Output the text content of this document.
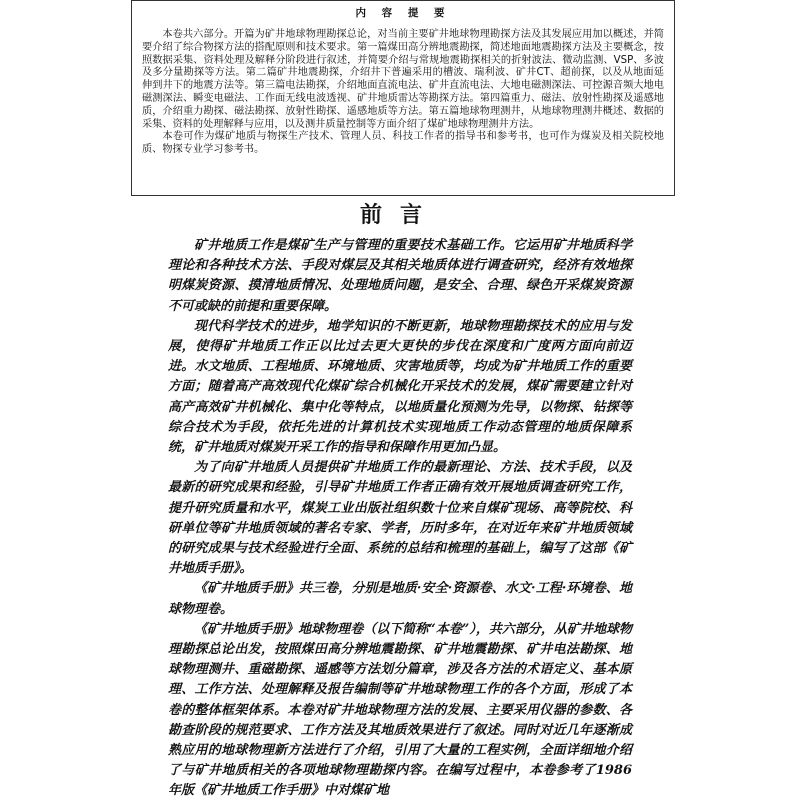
内 容 提 要

本卷共六部分。开篇为矿井地球物理勘探总论，对当前主要矿井地球物理勘探方法及其发展应用加以概述，并简要介绍了综合物探方法的搭配原则和技术要求。第一篇煤田高分辨地震勘探，简述地面地震勘探方法及主要概念，按照数据采集、资料处理及解释分阶段进行叙述，并简要介绍与常规地震勘探相关的折射波法、微动监测、VSP、多波及多分量勘探等方法。第二篇矿井地震勘探，介绍井下普遍采用的槽波、瑞利波、矿井CT、超前探，以及从地面延伸到井下的地震方法等。第三篇电法勘探，介绍地面直流电法、矿井直流电法、大地电磁测深法、可控源音频大地电磁测深法、瞬变电磁法、工作面无线电波透视、矿井地质雷达等勘探方法。第四篇重力、磁法、放射性勘探及遥感地质，介绍重力勘探、磁法勘探、放射性勘探、遥感地质等方法。第五篇地球物理测井，从地球物理测井概述、数据的采集、资料的处理解释与应用，以及测井质量控制等方面介绍了煤矿地球物理测井方法。

本卷可作为煤矿地质与物探生产技术、管理人员、科技工作者的指导书和参考书，也可作为煤炭及相关院校地质、物探专业学习参考书。

前言

矿井地质工作是煤矿生产与管理的重要技术基础工作。它运用矿井地质科学理论和各种技术方法、手段对煤层及其相关地质体进行调查研究，经济有效地探明煤炭资源、摸清地质情况、处理地质问题，是安全、合理、绿色开采煤炭资源不可或缺的前提和重要保障。

现代科学技术的进步，地学知识的不断更新，地球物理勘探技术的应用与发展，使得矿井地质工作正以比过去更大更快的步伐在深度和广度两方面向前迈进。水文地质、工程地质、环境地质、灾害地质等，均成为矿井地质工作的重要方面；随着高产高效现代化煤矿综合机械化开采技术的发展，煤矿需要建立针对高产高效矿井机械化、集中化等特点，以地质量化预测为先导，以物探、钻探等综合技术为手段，依托先进的计算机技术实现地质工作动态管理的地质保障系统，矿井地质对煤炭开采工作的指导和保障作用更加凸显。

为了向矿井地质人员提供矿井地质工作的最新理论、方法、技术手段，以及最新的研究成果和经验，引导矿井地质工作者正确有效开展地质调查研究工作，提升研究质量和水平，煤炭工业出版社组织数十位来自煤矿现场、高等院校、科研单位等矿井地质领域的著名专家、学者，历时多年，在对近年来矿井地质领域的研究成果与技术经验进行全面、系统的总结和梳理的基础上，编写了这部《矿井地质手册》。

《矿井地质手册》共三卷，分别是地质·安全·资源卷、水文·工程·环境卷、地球物理卷。

《矿井地质手册》地球物理卷（以下简称“本卷”），共六部分，从矿井地球物理勘探总论出发，按照煤田高分辨地震勘探、矿井地震勘探、矿井电法勘探、地球物理测井、重磁勘探、遥感等方法划分篇章，涉及各方法的术语定义、基本原理、工作方法、处理解释及报告编制等矿井地球物理工作的各个方面，形成了本卷的整体框架体系。本卷对矿井地球物理方法的发展、主要采用仪器的参数、各勘查阶段的规范要求、工作方法及其地质效果进行了叙述。同时对近几年逐渐成熟应用的地球物理新方法进行了介绍，引用了大量的工程实例，全面详细地介绍了与矿井地质相关的各项地球物理勘探内容。在编写过程中，本卷参考了1986年版《矿井地质工作手册》中对煤矿地
